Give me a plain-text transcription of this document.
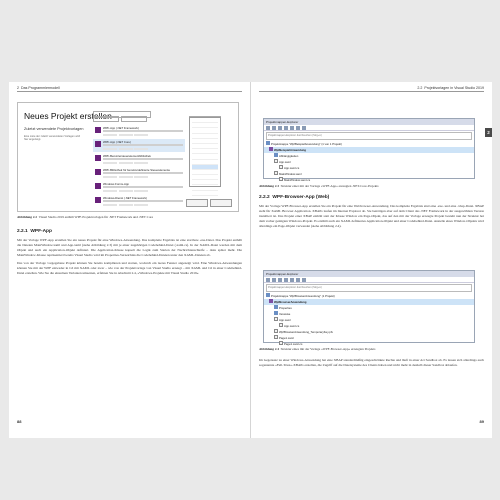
2 Das Programmiermodell
Neues Projekt erstellen
Zuletzt verwendete Projektvorlagen
Eine Liste der zuletzt verwendeten Vorlagen wird hier angezeigt.
WPF-App (.NET Framework)
WPF-App (.NET Core)
WPF-Benutzersteuerelementbibliothek
WPF-Bibliothek für benutzerdefinierte Steuerelemente
Windows Forms-App
Windows-Dienst (.NET Framework)
Abbildung 2.2 Visual Studio 2019 enthält WPF-Projektvorlagen für .NET Framework und .NET Core
2.2.1 WPF-App

Mit der Vorlage WPF-App erstellen Sie ein neues Projekt für eine Windows-Anwendung. Das komplette Ergebnis ist eine startbare .exe-Datei. Das Projekt enthält die Dateien MainWindow.xaml und App.xaml (siehe Abbildung 2.3) mit je einer zugehörigen Codebehind-Datei (.xaml.cs). In der XAML-Datei werden mit dem Objekt und auch ein Application-Objekt definiert. Die Application-Klasse kapselt die Logik zum Starten der Nachrichtenschleife – dazu später mehr. Die MainWindow-Klasse repräsentiert bereits Visual Studio wird im Properties-Verzeichnis die Codebehind-Dateien unter den XAML-Dateien ab.

Das von der Vorlage vorgegebene Projekt können Sie bereits kompilieren und starten, wodurch ein leeres Fenster angezeigt wird. Eine Windows-Anwendungen können Sie mit der WPF entweder in C# mit XAML oder zwar – wie von der Projektvorlage von Visual Studio erzeugt – mit XAML und C# in einer Codebehind-Datei erstellen. Wie Sie die einzelnen Varianten umsetzen, erfahren Sie in Abschnitt 2.4, »Windows-Projekte mit Visual Studio 2019«.

88
2.2 Projektvorlagen in Visual Studio 2019
2
Projektmappen-Explorer
Projektmappen-Explorer durchsuchen (Strg+ü)
Projektmappe "WpfBeispielAnwendung" (1 von 1 Projekt)
WpfBeispielAnwendung
Abhängigkeiten
App.xaml
App.xaml.cs
MainWindow.xaml
MainWindow.xaml.cs
Abbildung 2.3 Struktur einer mit der Vorlage »WPF-App« erzeugten .NET-Core-Projekts
2.2.2 WPF-Browser-App (Web)

Mit der Vorlage WPF-Browser-App erstellen Sie ein Projekt für eine Webbrowser-Anwendung. Das komplette Ergebnis sind eine .exe- und eine .xbap-Datei. XBAP steht für XAML Browser Application. XBAPs laufen im Internet Explorer ab. Sie benötigen aber auf dem Client das .NET Framework in der ausgewählten Version installiert ist. Das Projekt einer XBAP enthält statt der Klasse Window ein Page-Objekt, das auf den mit der Vorlage erzeugte Projekt besteht nun der Struktur bei dem vorher genügten Windows-Projekt. Es enthält auch ein XAML definiertes Application-Objekt und einer Codebehind-Datei. Anstelle eines Window-Objekts wird allerdings ein Page-Objekt verwendet (siehe Abbildung 2.4).

Projektmappen-Explorer
Projektmappen-Explorer durchsuchen (Strg+ü)
Projektmappe "WpfBrowserAnwendung" (1 Projekt)
WpfBrowserAnwendung
Properties
Verweise
App.xaml
App.xaml.cs
WpfBrowserAnwendung_TemporaryKey.pfx
Page1.xaml
Page1.xaml.cs
Abbildung 2.4 Struktur eines mit der Vorlage »WPF-Browser-App« erzeugten Projekts

Im Gegensatz zu einer Windows-Anwendung hat eine XBAP standardmäßig eingeschränkte Rechte und läuft in einer Art Sandbox ab. Es lassen sich allerdings auch sogenannte »Full-Trust«-XBAPs erstellen, die Zugriff auf die Dateisysteme des Clients haben und nicht mehr in deshalb dieser Sandbox ablaufen.

89
